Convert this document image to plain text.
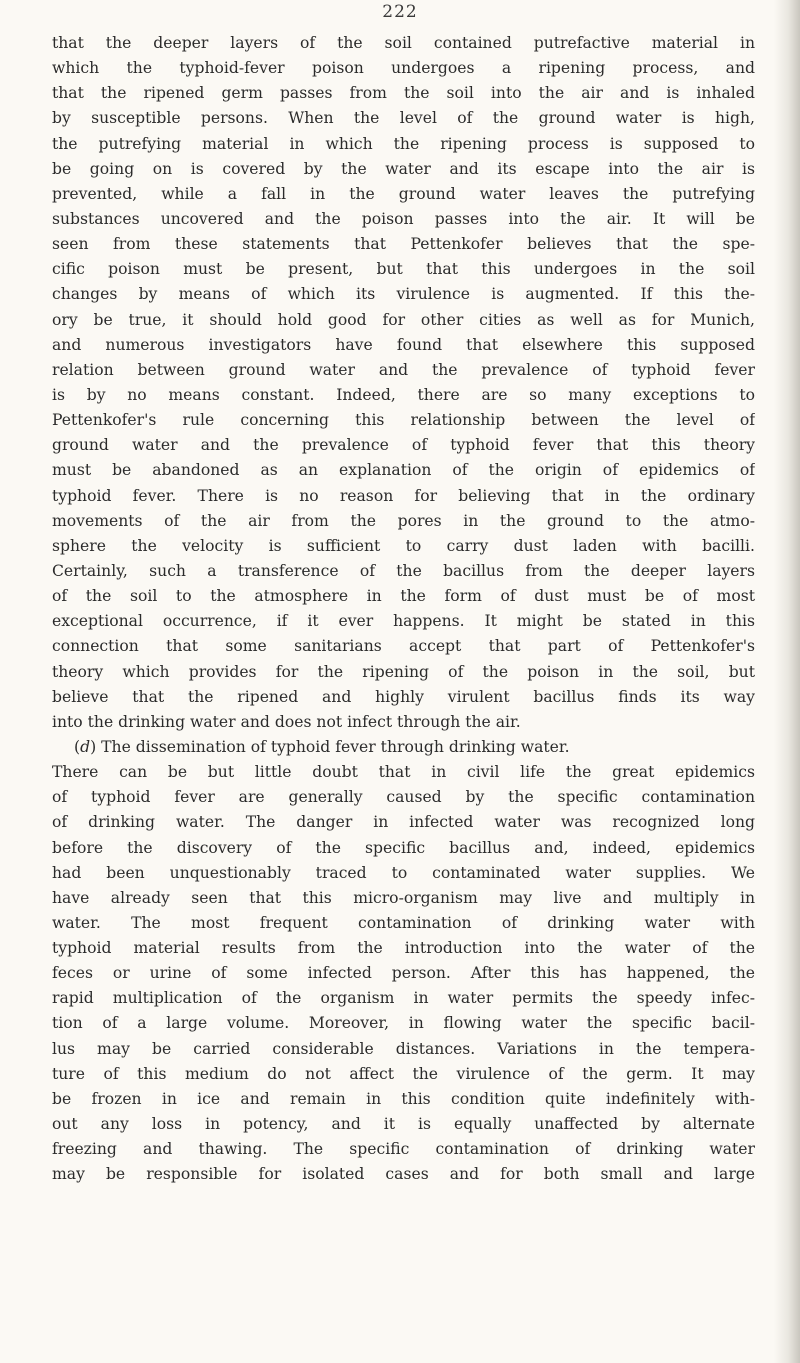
222
that the deeper layers of the soil contained putrefactive material in
which the typhoid-fever poison undergoes a ripening process, and
that the ripened germ passes from the soil into the air and is inhaled
by susceptible persons. When the level of the ground water is high,
the putrefying material in which the ripening process is supposed to
be going on is covered by the water and its escape into the air is
prevented, while a fall in the ground water leaves the putrefying
substances uncovered and the poison passes into the air. It will be
seen from these statements that Pettenkofer believes that the spe-
cific poison must be present, but that this undergoes in the soil
changes by means of which its virulence is augmented. If this the-
ory be true, it should hold good for other cities as well as for Munich,
and numerous investigators have found that elsewhere this supposed
relation between ground water and the prevalence of typhoid fever
is by no means constant. Indeed, there are so many exceptions to
Pettenkofer's rule concerning this relationship between the level of
ground water and the prevalence of typhoid fever that this theory
must be abandoned as an explanation of the origin of epidemics of
typhoid fever. There is no reason for believing that in the ordinary
movements of the air from the pores in the ground to the atmo-
sphere the velocity is sufficient to carry dust laden with bacilli.
Certainly, such a transference of the bacillus from the deeper layers
of the soil to the atmosphere in the form of dust must be of most
exceptional occurrence, if it ever happens. It might be stated in this
connection that some sanitarians accept that part of Pettenkofer's
theory which provides for the ripening of the poison in the soil, but
believe that the ripened and highly virulent bacillus finds its way
into the drinking water and does not infect through the air.
(d) The dissemination of typhoid fever through drinking water.
There can be but little doubt that in civil life the great epidemics
of typhoid fever are generally caused by the specific contamination
of drinking water. The danger in infected water was recognized long
before the discovery of the specific bacillus and, indeed, epidemics
had been unquestionably traced to contaminated water supplies. We
have already seen that this micro-organism may live and multiply in
water. The most frequent contamination of drinking water with
typhoid material results from the introduction into the water of the
feces or urine of some infected person. After this has happened, the
rapid multiplication of the organism in water permits the speedy infec-
tion of a large volume. Moreover, in flowing water the specific bacil-
lus may be carried considerable distances. Variations in the tempera-
ture of this medium do not affect the virulence of the germ. It may
be frozen in ice and remain in this condition quite indefinitely with-
out any loss in potency, and it is equally unaffected by alternate
freezing and thawing. The specific contamination of drinking water
may be responsible for isolated cases and for both small and large
